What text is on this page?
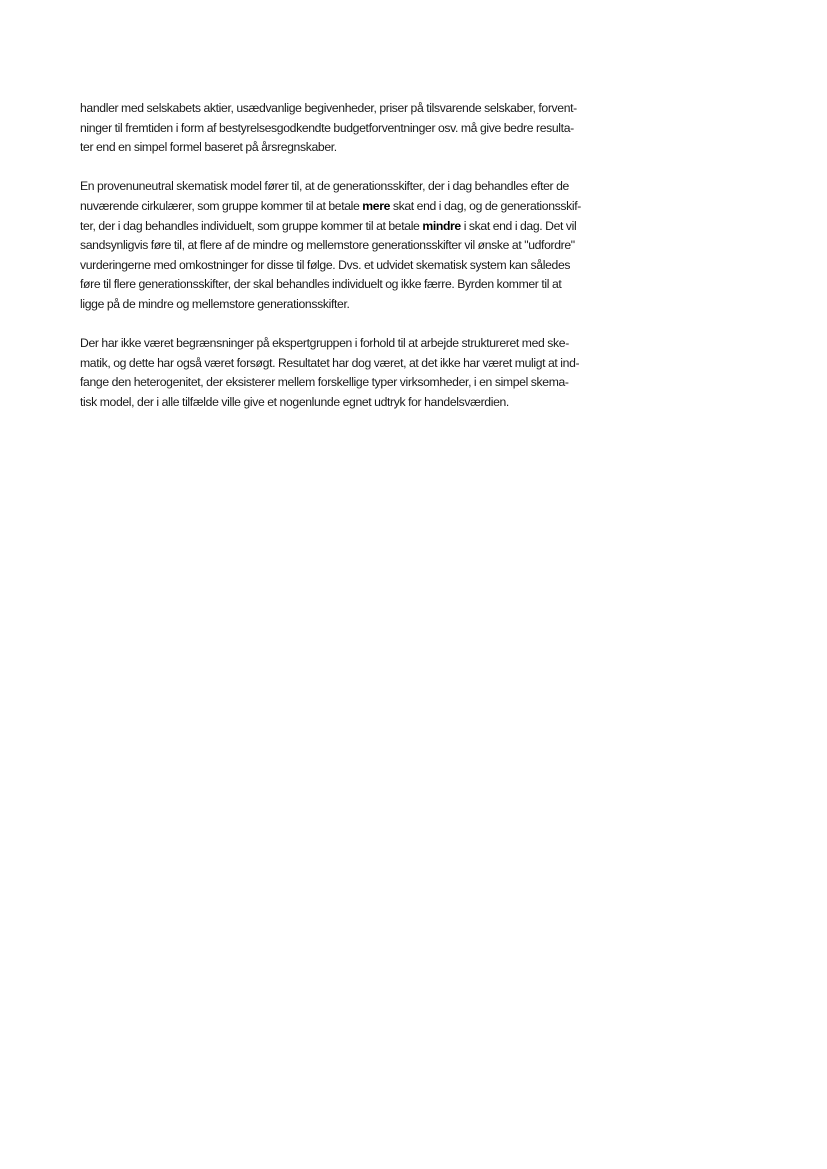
handler med selskabets aktier, usædvanlige begivenheder, priser på tilsvarende selskaber, forvent-
ninger til fremtiden i form af bestyrelsesgodkendte budgetforventninger osv. må give bedre resulta-
ter end en simpel formel baseret på årsregnskaber.

En provenuneutral skematisk model fører til, at de generationsskifter, der i dag behandles efter de
nuværende cirkulærer, som gruppe kommer til at betale mere skat end i dag, og de generationsskif-
ter, der i dag behandles individuelt, som gruppe kommer til at betale mindre i skat end i dag. Det vil
sandsynligvis føre til, at flere af de mindre og mellemstore generationsskifter vil ønske at "udfordre"
vurderingerne med omkostninger for disse til følge. Dvs. et udvidet skematisk system kan således
føre til flere generationsskifter, der skal behandles individuelt og ikke færre. Byrden kommer til at
ligge på de mindre og mellemstore generationsskifter.

Der har ikke været begrænsninger på ekspertgruppen i forhold til at arbejde struktureret med ske-
matik, og dette har også været forsøgt. Resultatet har dog været, at det ikke har været muligt at ind-
fange den heterogenitet, der eksisterer mellem forskellige typer virksomheder, i en simpel skema-
tisk model, der i alle tilfælde ville give et nogenlunde egnet udtryk for handelsværdien.
